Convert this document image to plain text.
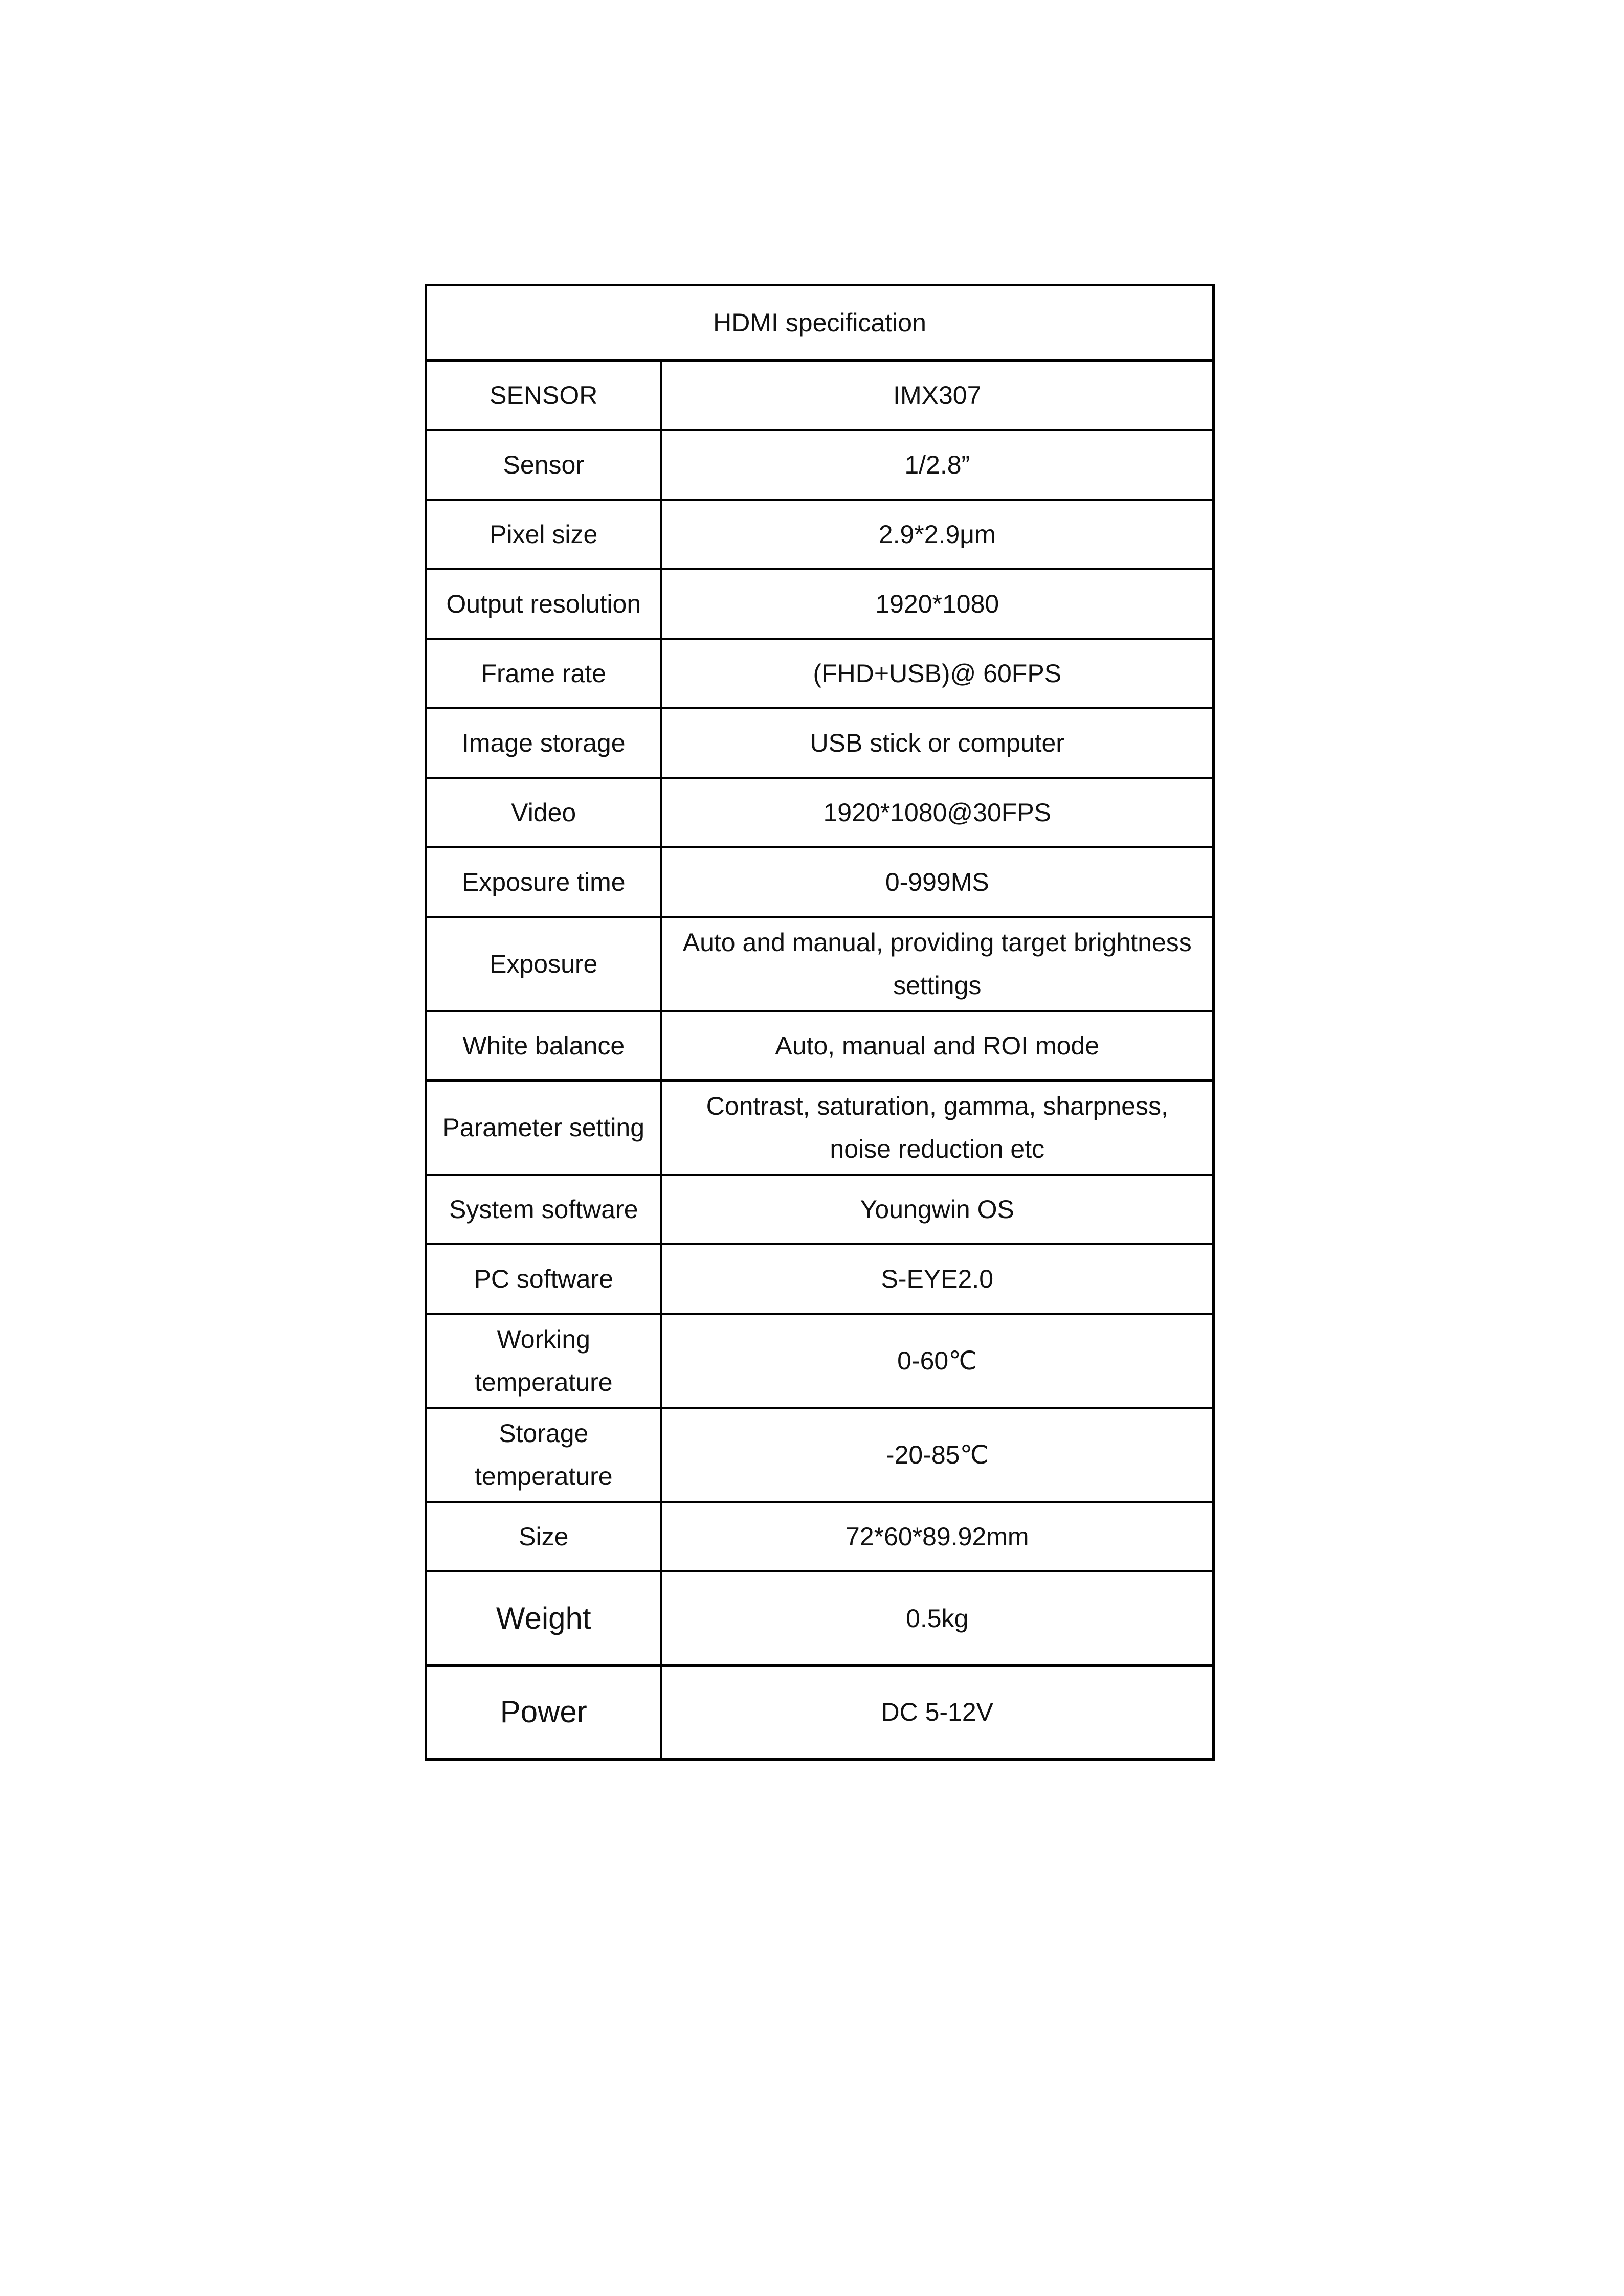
HDMI specification	
SENSOR	IMX307
Sensor	1/2.8”
Pixel size	2.9*2.9μm
Output resolution	1920*1080
Frame rate	(FHD+USB)@ 60FPS
Image storage	USB stick or computer
Video	1920*1080@30FPS
Exposure time	0-999MS
Exposure	Auto and manual, providing target brightness settings
White balance	Auto, manual and ROI mode
Parameter setting	Contrast, saturation, gamma, sharpness, noise reduction etc
System software	Youngwin OS
PC software	S-EYE2.0
Working temperature	0-60℃
Storage temperature	-20-85℃
Size	72*60*89.92mm
Weight	0.5kg
Power	DC 5-12V
